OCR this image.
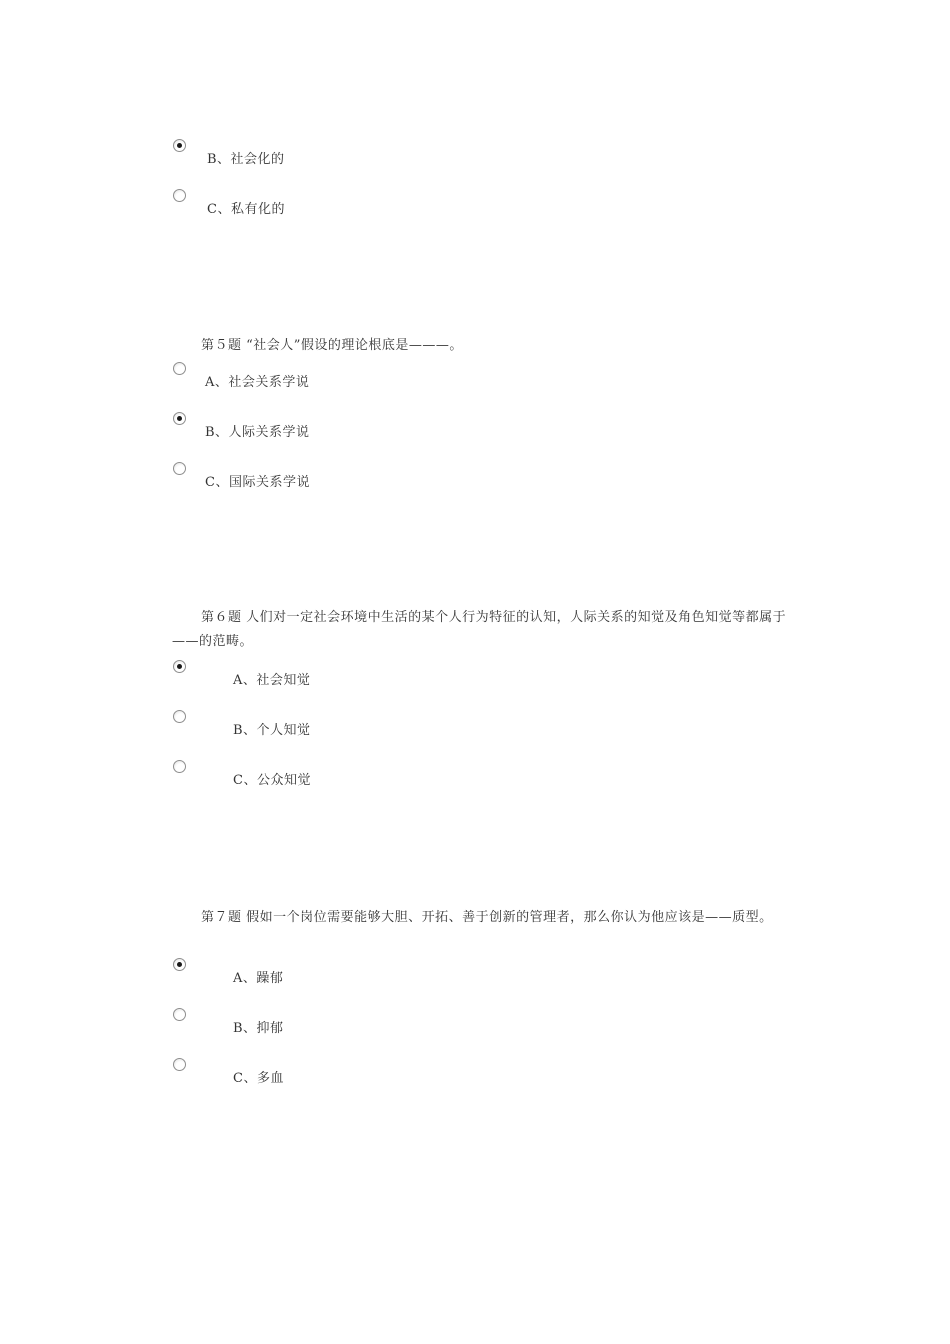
B、社会化的
C、私有化的
第５题 “社会人”假设的理论根底是———。
A、社会关系学说
B、人际关系学说
C、国际关系学说
第６题 人们对一定社会环境中生活的某个人行为特征的认知，人际关系的知觉及角色知觉等都属于——的范畴。
A、社会知觉
B、个人知觉
C、公众知觉
第７题 假如一个岗位需要能够大胆、开拓、善于创新的管理者，那么你认为他应该是——质型。
A、躁郁
B、抑郁
C、多血
